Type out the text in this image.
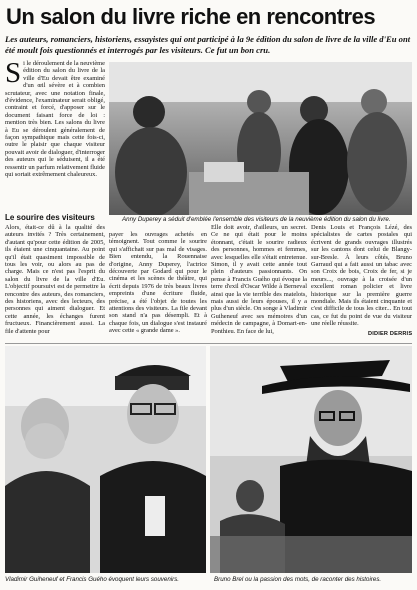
Un salon du livre riche en rencontres
Les auteurs, romanciers, historiens, essayistes qui ont participé à la 9e édition du salon de livre de la ville d'Eu ont été moult fois questionnés et interrogés par les visiteurs. Ce fut un bon cru.
Si le déroulement de la neuvième édition du salon du livre de la ville d'Eu devait être examiné d'un œil sévère et à combien scrutateur, avec une notation finale, d'évidence, l'examinateur serait obligé, contraint et forcé, d'apposer sur le document faisant force de loi : mention très bien. Les salons du livre à Eu se déroulent généralement de façon sympathique mais cette fois-ci, outre le plaisir que chaque visiteur pouvait avoir de dialoguer, d'interroger des auteurs qui le séduisent, il a été ressentir un parfum relativement fluide qui sortait extrêmement chaleureux.
Le sourire des visiteurs
Alors, était-ce dû à la qualité des auteurs invités ? Très certainement, d'autant qu'pour cette édition de 2005, ils étaient une cinquantaine. Au point qu'il était quasiment impossible de tous les voir, ou alors au pas de charge. Mais ce n'est pas l'esprit du salon du livre de la ville d'Eu. L'objectif poursuivi est de permettre la rencontre des auteurs, des romanciers, des historiens, avec des lecteurs, des personnes qui aiment dialoguer. Et cette année, les échanges furent fructueux. Financièrement aussi. La file d'attente pour
Anny Duperey a séduit d'emblée l'ensemble des visiteurs de la neuvième édition du salon du livre.
payer les ouvrages achetés en témoignent. Tout comme le sourire qui s'affichait sur pas mal de visages. Bien entendu, la Rouennaise d'origine, Anny Duperey, l'actrice découverte par Godard qui pour le cinéma et les scènes de théâtre, qui écrit depuis 1976 de très beaux livres empreints d'une écriture fluide, précise, a été l'objet de toutes les attentions des visiteurs. La file devant son stand n'a pas désempli. Et à chaque fois, un dialogue s'est instauré avec cette « grande dame ».
Elle doit avoir, d'ailleurs, un secret. Ce ne qui était pour le moins étonnant, c'était le sourire radieux des personnes, hommes et femmes, avec lesquelles elle s'était entretenue. Simon, il y avait cette année tout plein d'auteurs passionnants. On pense à Francis Guého qui évoque la terre d'exil d'Oscar Wilde à Berneval ainsi que la vie terrible des matelots, mais aussi de leurs épouses, il y a plus d'un siècle. On songe à Vladimir Guiheneuf avec ses mémoires d'un médecin de campagne, à Domart-en-Ponthieu. En face de lui,
Denis Louis et François Lézé, des spécialistes de cartes postales qui écrivent de grands ouvrages illustrés sur les cantons dont celui de Blangy-sur-Bresle. À leurs côtés, Bruno Garraud qui a fait aussi un tabac avec son Croix de bois, Croix de fer, si je meurs..., ouvrage à la croisée d'un excellent roman policier et livre historique sur la première guerre mondiale. Mais ils étaient cinquante et c'est difficile de tous les citer... En tout cas, ce fut du point de vue du visiteur une réelle réussite.
DIDIER DERRIS
Vladimir Guiheneuf et Francis Guého évoquent leurs souvenirs.	Bruno Brel ou la passion des mots, de raconter des histoires.
